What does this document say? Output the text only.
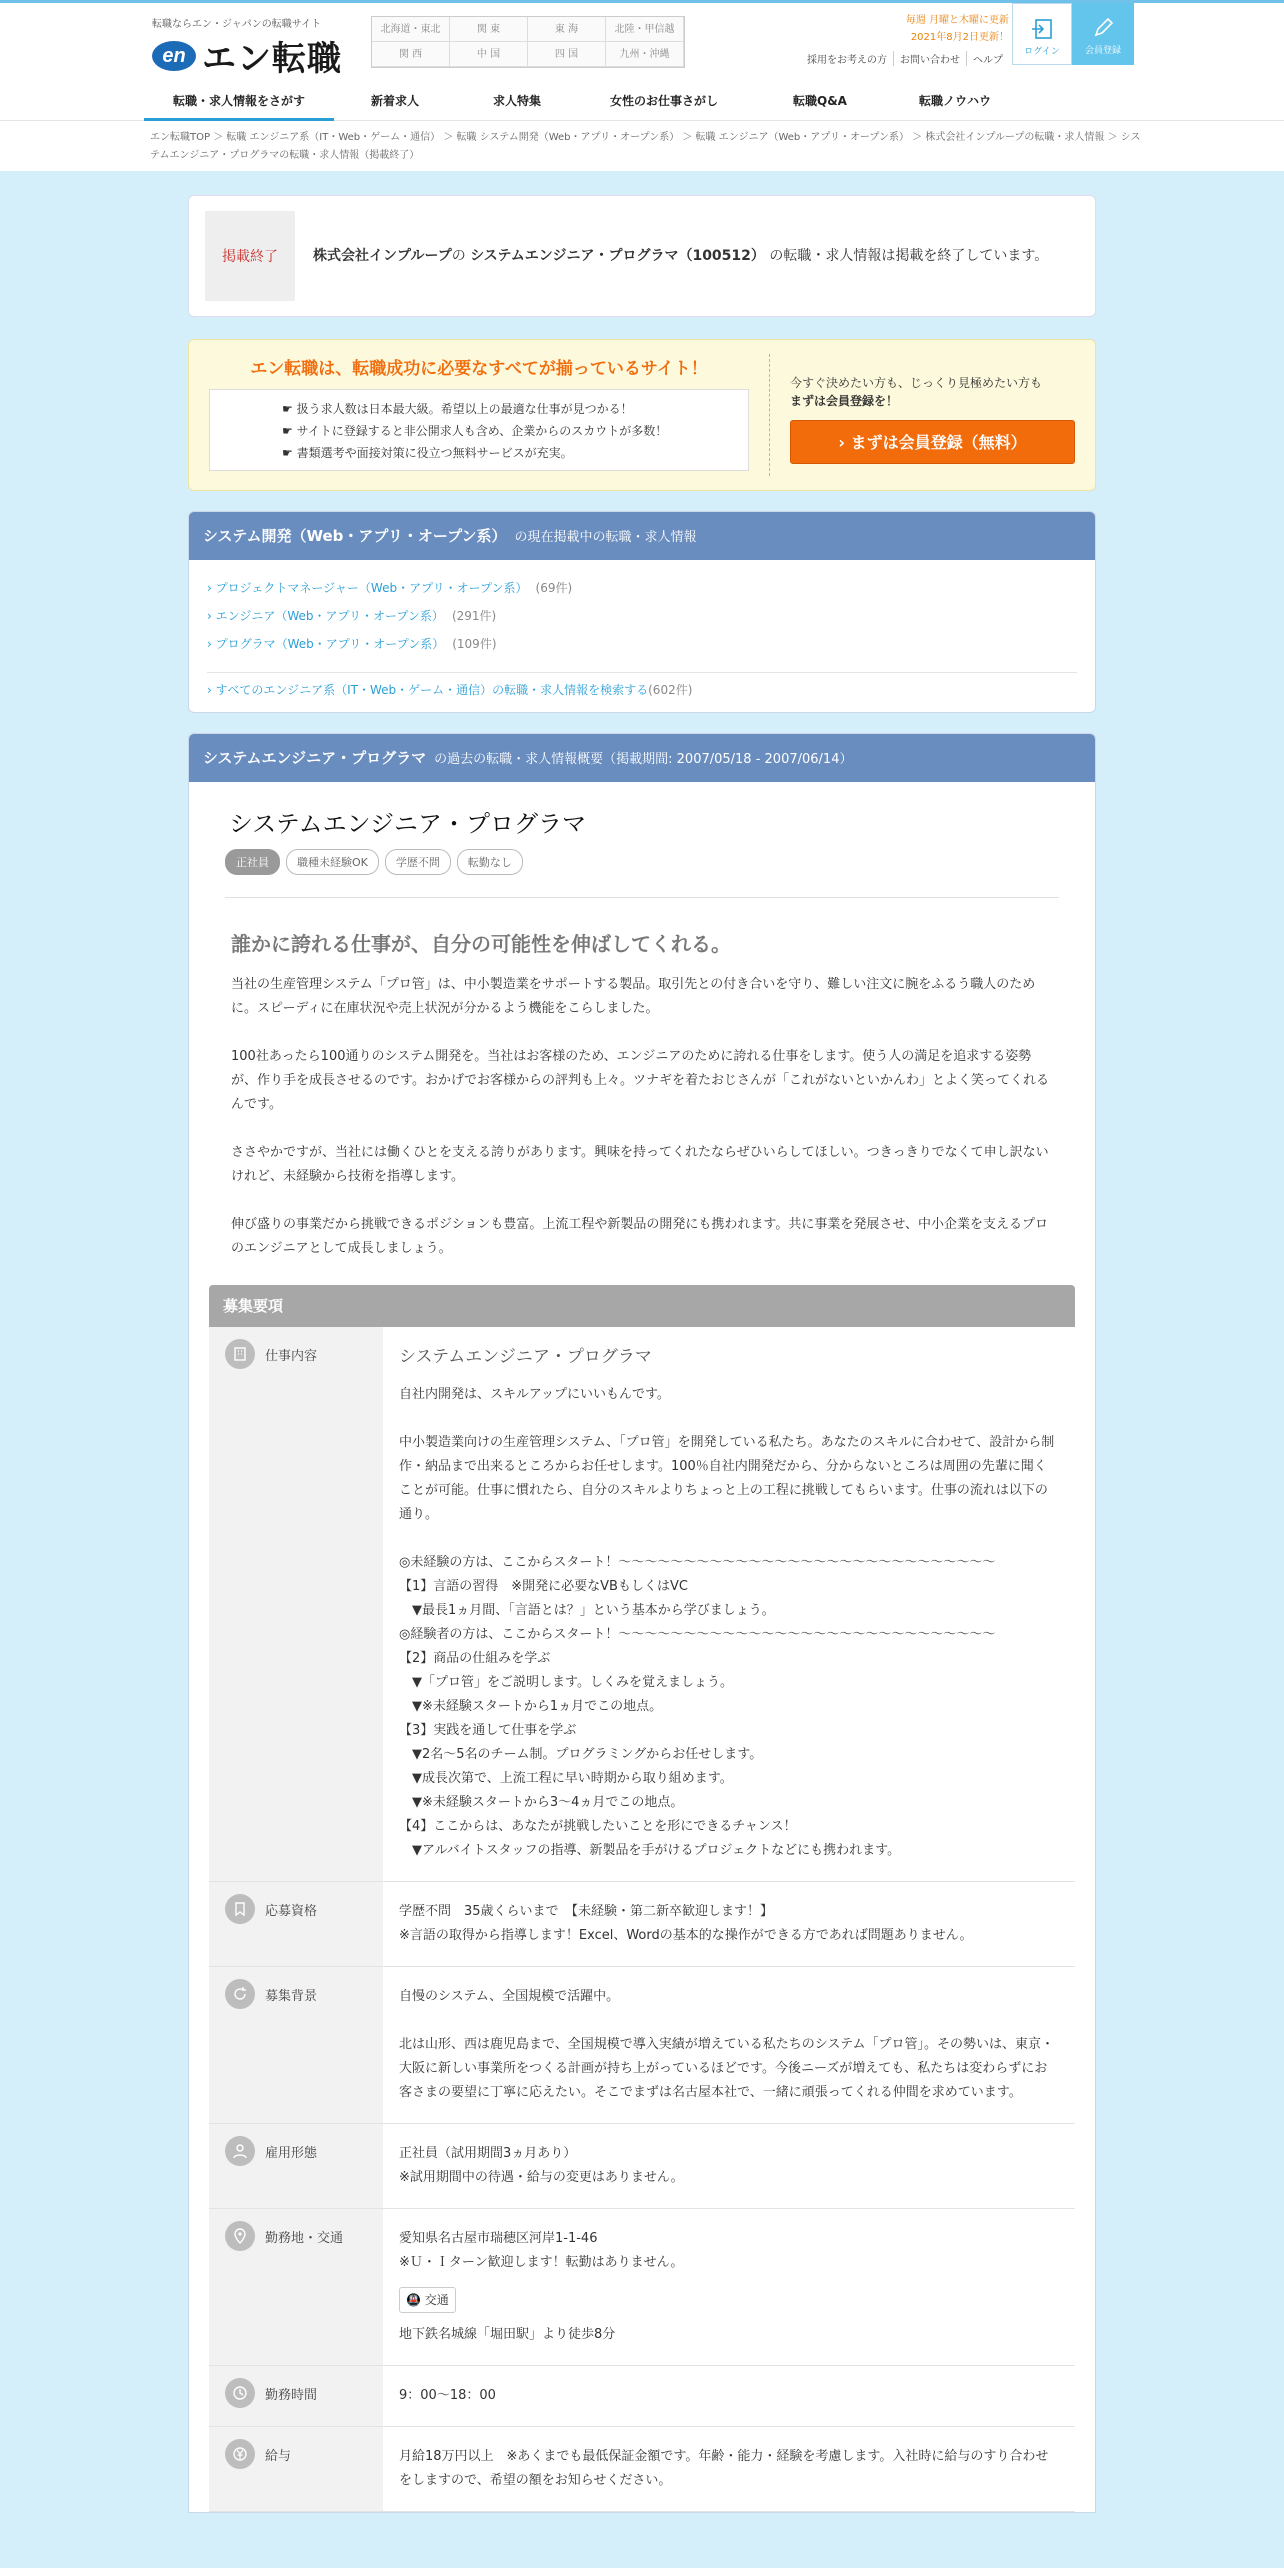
転職ならエン・ジャパンの転職サイト
en エン転職
北海道・東北	関 東	東 海	北陸・甲信越
関 西	中 国	四 国	九州・沖縄
毎週 月曜と木曜に更新
2021年8月2日更新！
採用をお考えの方	お問い合わせ	ヘルプ
ログイン	会員登録
転職・求人情報をさがす	新着求人	求人特集	女性のお仕事さがし	転職Q&A	転職ノウハウ
エン転職TOP ＞ 転職 エンジニア系（IT・Web・ゲーム・通信） ＞ 転職 システム開発（Web・アプリ・オープン系） ＞ 転職 エンジニア（Web・アプリ・オープン系） ＞ 株式会社インプループの転職・求人情報 ＞ システムエンジニア・プログラマの転職・求人情報（掲載終了）
掲載終了	株式会社インプループの システムエンジニア・プログラマ（100512） の転職・求人情報は掲載を終了しています。
エン転職は、転職成功に必要なすべてが揃っているサイト！
☛ 扱う求人数は日本最大級。希望以上の最適な仕事が見つかる！
☛ サイトに登録すると非公開求人も含め、企業からのスカウトが多数！
☛ 書類選考や面接対策に役立つ無料サービスが充実。

今すぐ決めたい方も、じっくり見極めたい方も

まずは会員登録を！

› まずは会員登録（無料）
システム開発（Web・アプリ・オープン系） の現在掲載中の転職・求人情報
› プロジェクトマネージャー（Web・アプリ・オープン系） (69件)
› エンジニア（Web・アプリ・オープン系） (291件)
› プログラマ（Web・アプリ・オープン系） (109件)
› すべてのエンジニア系（IT・Web・ゲーム・通信）の転職・求人情報を検索する(602件)
システムエンジニア・プログラマ の過去の転職・求人情報概要（掲載期間: 2007/05/18 - 2007/06/14）
システムエンジニア・プログラマ
正社員	職種未経験OK	学歴不問	転勤なし
誰かに誇れる仕事が、自分の可能性を伸ばしてくれる。

当社の生産管理システム「プロ管」は、中小製造業をサポートする製品。取引先との付き合いを守り、難しい注文に腕をふるう職人のために。スピーディに在庫状況や売上状況が分かるよう機能をこらしました。

100社あったら100通りのシステム開発を。当社はお客様のため、エンジニアのために誇れる仕事をします。使う人の満足を追求する姿勢が、作り手を成長させるのです。おかげでお客様からの評判も上々。ツナギを着たおじさんが「これがないといかんわ」とよく笑ってくれるんです。

ささやかですが、当社には働くひとを支える誇りがあります。興味を持ってくれたならぜひいらしてほしい。つきっきりでなくて申し訳ないけれど、未経験から技術を指導します。

伸び盛りの事業だから挑戦できるポジションも豊富。上流工程や新製品の開発にも携われます。共に事業を発展させ、中小企業を支えるプロのエンジニアとして成長しましょう。

募集要項
仕事内容	システムエンジニア・プログラマ
自社内開発は、スキルアップにいいもんです。

中小製造業向けの生産管理システム、「プロ管」を開発している私たち。あなたのスキルに合わせて、設計から制作・納品まで出来るところからお任せします。100％自社内開発だから、分からないところは周囲の先輩に聞くことが可能。仕事に慣れたら、自分のスキルよりちょっと上の工程に挑戦してもらいます。仕事の流れは以下の通り。

◎未経験の方は、ここからスタート！～～～～～～～～～～～～～～～～～～～～～～～～～～～～～
【1】言語の習得　※開発に必要なVBもしくはVC
　▼最長1ヵ月間、「言語とは？」という基本から学びましょう。
◎経験者の方は、ここからスタート！～～～～～～～～～～～～～～～～～～～～～～～～～～～～～
【2】商品の仕組みを学ぶ
　▼「プロ管」をご説明します。しくみを覚えましょう。
　▼※未経験スタートから1ヵ月でこの地点。
【3】実践を通して仕事を学ぶ
　▼2名～5名のチーム制。プログラミングからお任せします。
　▼成長次第で、上流工程に早い時期から取り組めます。
　▼※未経験スタートから3～4ヵ月でこの地点。
【4】ここからは、あなたが挑戦したいことを形にできるチャンス！
　▼アルバイトスタッフの指導、新製品を手がけるプロジェクトなどにも携われます。
応募資格	学歴不問　35歳くらいまで　【未経験・第二新卒歓迎します！】
※言語の取得から指導します！Excel、Wordの基本的な操作ができる方であれば問題ありません。
募集背景	自慢のシステム、全国規模で活躍中。

北は山形、西は鹿児島まで、全国規模で導入実績が増えている私たちのシステム「プロ管」。その勢いは、東京・大阪に新しい事業所をつくる計画が持ち上がっているほどです。今後ニーズが増えても、私たちは変わらずにお客さまの要望に丁寧に応えたい。そこでまずは名古屋本社で、一緒に頑張ってくれる仲間を求めています。
雇用形態	正社員（試用期間3ヵ月あり）
※試用期間中の待遇・給与の変更はありません。
勤務地・交通	愛知県名古屋市瑞穂区河岸1-1-46
※Ｕ・Ｉターン歓迎します！転勤はありません。
🚇 交通
地下鉄名城線「堀田駅」より徒歩8分
勤務時間	9：00～18：00
給与	月給18万円以上　※あくまでも最低保証金額です。年齢・能力・経験を考慮します。入社時に給与のすり合わせをしますので、希望の額をお知らせください。
